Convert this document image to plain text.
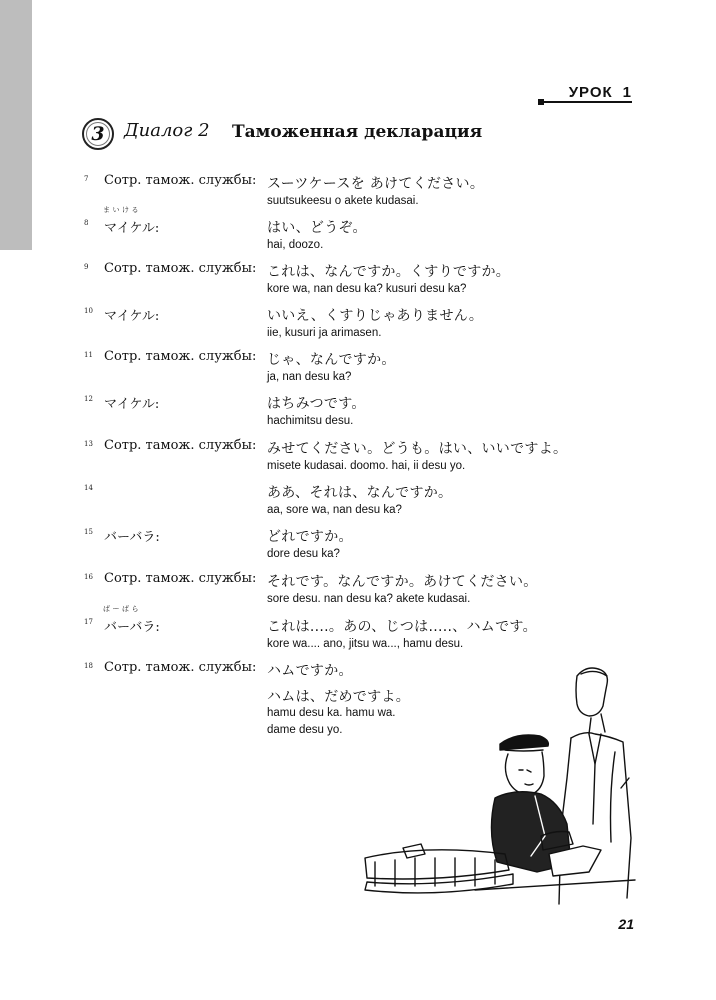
УРОК 1
3	Диалог 2 Таможенная декларация
7 Сотр. тамож. службы: スーツケースを あけてください。
suutsukeesu o akete kudasai.
8
まいける
マイケル:	はい、どうぞ。
hai, doozo.
9 Сотр. тамож. службы: これは、なんですか。くすりですか。
kore wa, nan desu ka? kusuri desu ka?
10 マイケル:	いいえ、くすりじゃありません。
iie, kusuri ja arimasen.
11 Сотр. тамож. службы: じゃ、なんですか。
ja, nan desu ka?
12 マイケル:	はちみつです。
hachimitsu desu.
13 Сотр. тамож. службы: みせてください。どうも。はい、いいですよ。
misete kudasai. doomo. hai, ii desu yo.
14	ああ、それは、なんですか。
aa, sore wa, nan desu ka?
15 バーバラ:	どれですか。
dore desu ka?
16 Сотр. тамож. службы: それです。なんですか。あけてください。
sore desu. nan desu ka? akete kudasai.
17
ばーばら
バーバラ:	これは....。あの、じつは.....、ハムです。
kore wa.... ano, jitsu wa..., hamu desu.
18 Сотр. тамож. службы: ハムですか。
ハムは、だめですよ。
hamu desu ka. hamu wa.
dame desu yo.
21
